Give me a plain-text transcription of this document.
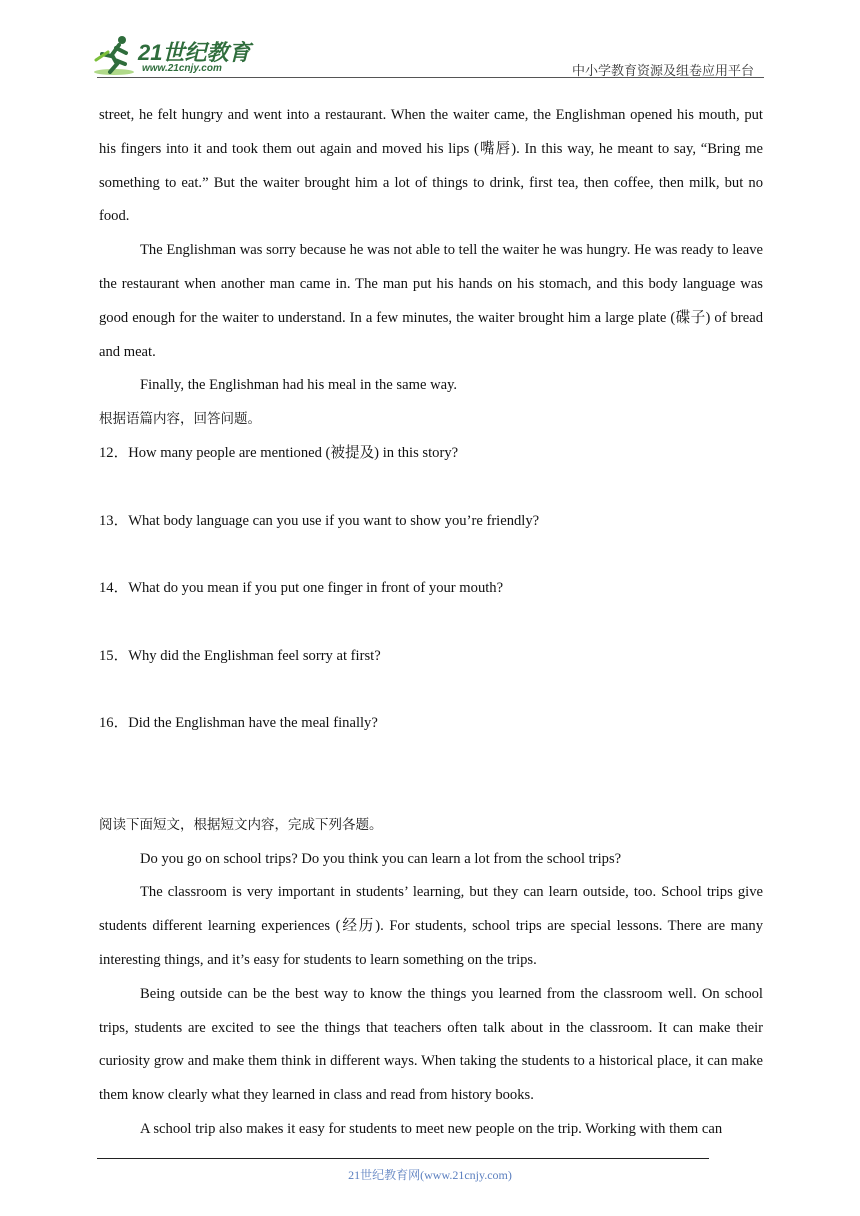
21世纪教育
www.21cnjy.com	中小学教育资源及组卷应用平台

street, he felt hungry and went into a restaurant. When the waiter came, the Englishman opened his mouth, put his fingers into it and took them out again and moved his lips (嘴唇). In this way, he meant to say, “Bring me something to eat.” But the waiter brought him a lot of things to drink, first tea, then coffee, then milk, but no food.

The Englishman was sorry because he was not able to tell the waiter he was hungry. He was ready to leave the restaurant when another man came in. The man put his hands on his stomach, and this body language was good enough for the waiter to understand. In a few minutes, the waiter brought him a large plate (碟子) of bread and meat.

Finally, the Englishman had his meal in the same way.

根据语篇内容，回答问题。

12．How many people are mentioned (被提及) in this story?

13．What body language can you use if you want to show you’re friendly?

14．What do you mean if you put one finger in front of your mouth?

15．Why did the Englishman feel sorry at first?

16．Did the Englishman have the meal finally?

阅读下面短文，根据短文内容，完成下列各题。

Do you go on school trips? Do you think you can learn a lot from the school trips?

The classroom is very important in students’ learning, but they can learn outside, too. School trips give students different learning experiences (经历). For students, school trips are special lessons. There are many interesting things, and it’s easy for students to learn something on the trips.

Being outside can be the best way to know the things you learned from the classroom well. On school trips, students are excited to see the things that teachers often talk about in the classroom. It can make their curiosity grow and make them think in different ways. When taking the students to a historical place, it can make them know clearly what they learned in class and read from history books.

A school trip also makes it easy for students to meet new people on the trip. Working with them can

21世纪教育网(www.21cnjy.com)
